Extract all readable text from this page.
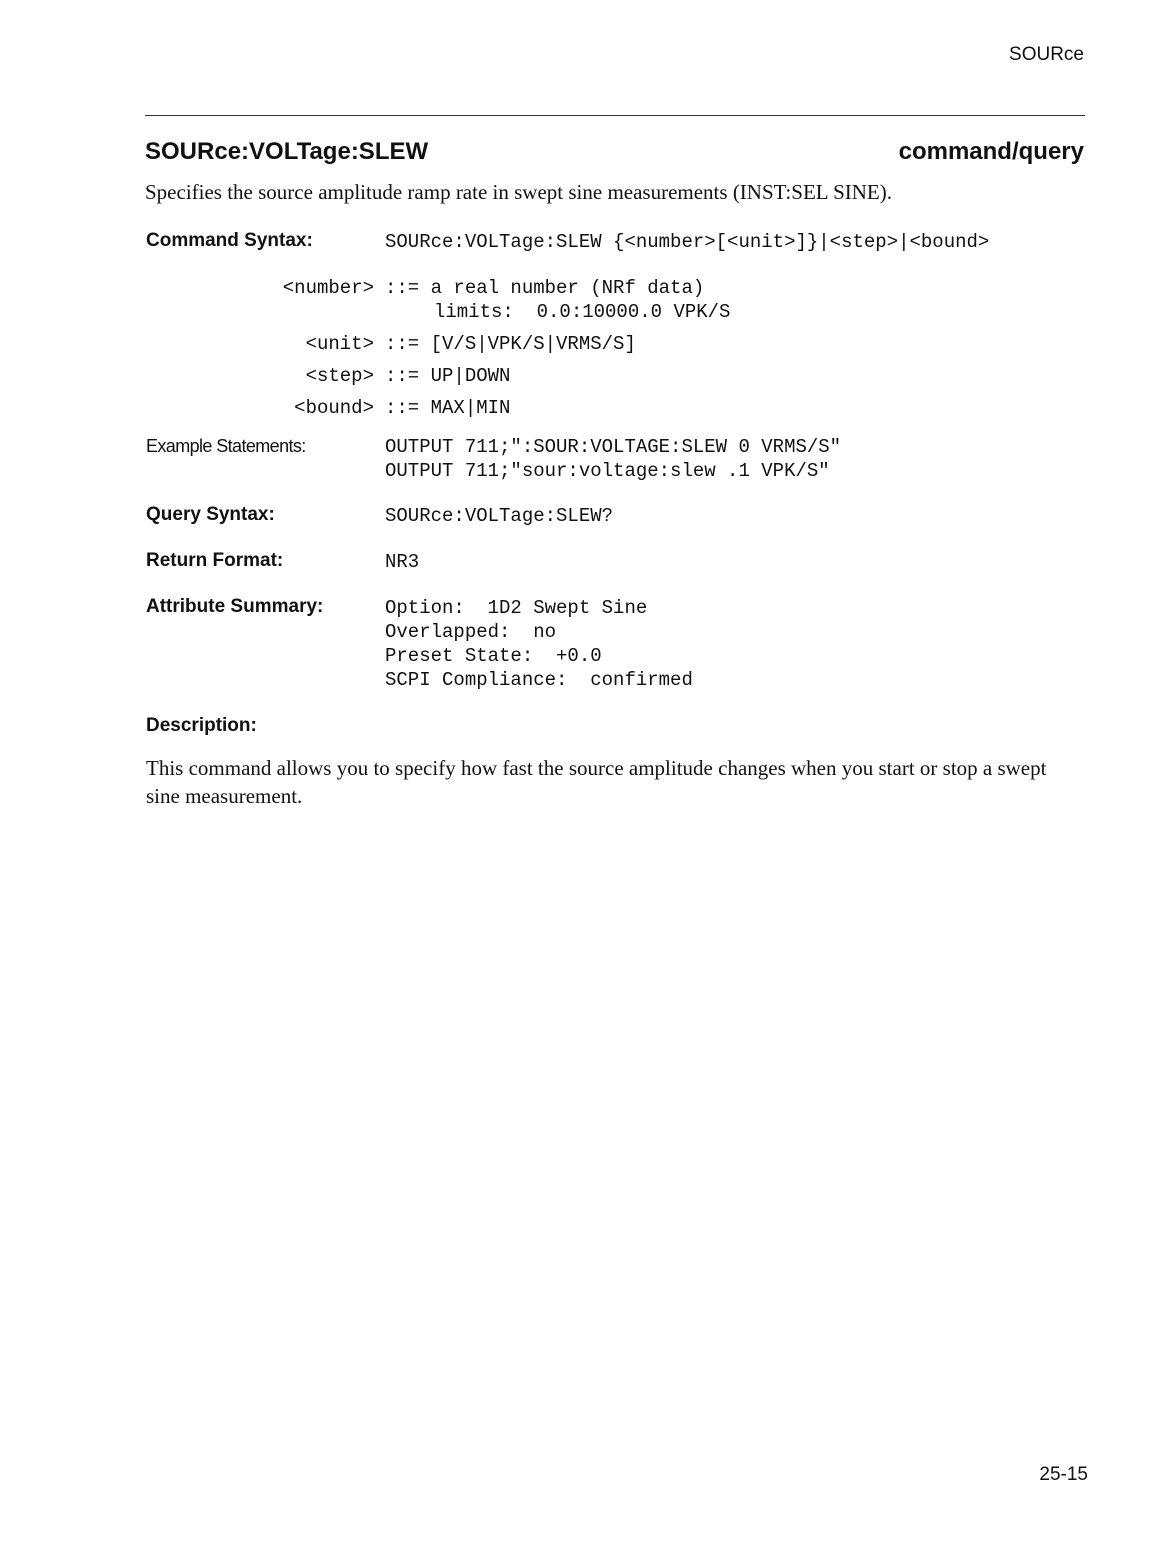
SOURce
SOURce:VOLTage:SLEW	command/query
Specifies the source amplitude ramp rate in swept sine measurements (INST:SEL SINE).
Command Syntax:	SOURce:VOLTage:SLEW {<number>[<unit>]}|<step>|<bound>
<number> ::= a real number (NRf data)
limits:  0.0:10000.0 VPK/S
<unit> ::= [V/S|VPK/S|VRMS/S]
<step> ::= UP|DOWN
<bound> ::= MAX|MIN
Example Statements:	OUTPUT 711;":SOUR:VOLTAGE:SLEW 0 VRMS/S"
OUTPUT 711;"sour:voltage:slew .1 VPK/S"
Query Syntax:	SOURce:VOLTage:SLEW?
Return Format:	NR3
Attribute Summary:	Option:  1D2 Swept Sine
Overlapped:  no
Preset State:  +0.0
SCPI Compliance:  confirmed
Description:
This command allows you to specify how fast the source amplitude changes when you start or stop a swept sine measurement.
25-15
